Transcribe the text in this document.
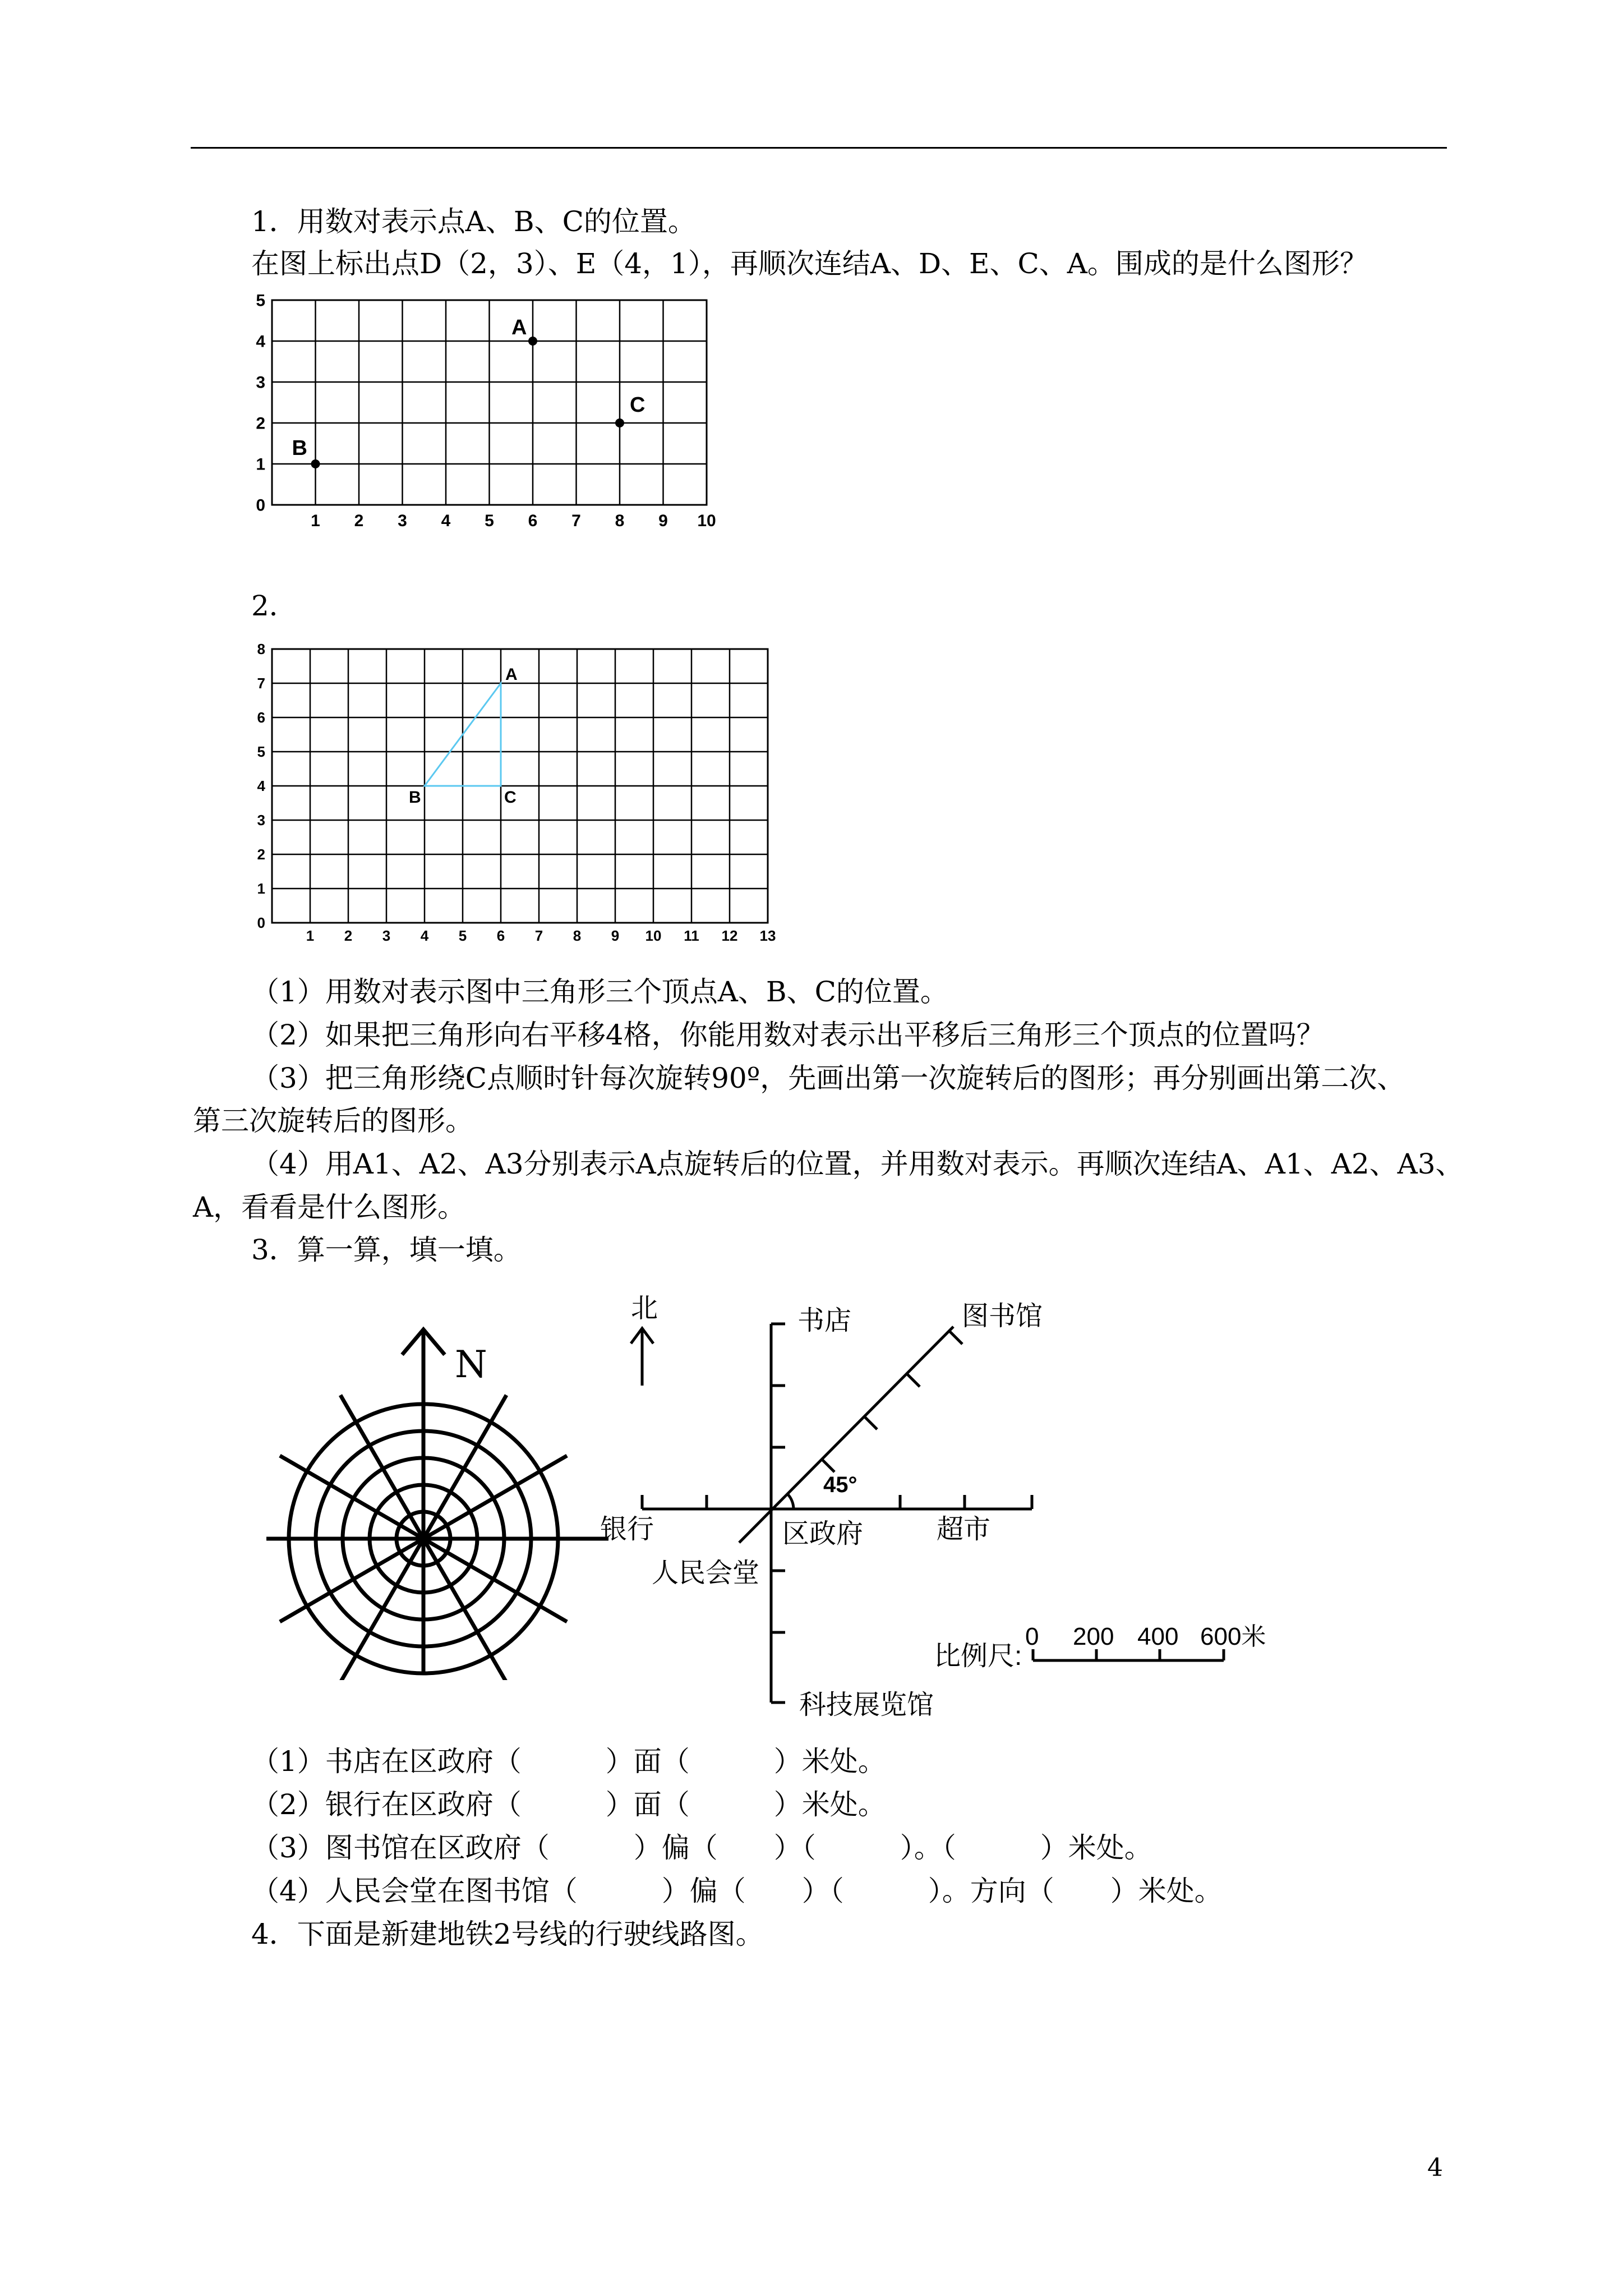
1．用数对表示点A、B、C的位置。
在图上标出点D（2，3）、E（4，1），再顺次连结A、D、E、C、A。围成的是什么图形？
1 2 3 4 5 6 7 8 9 10
0
1
2
3
4
5
A
B
C
2．
1 2 3 4 5 6 7 8 9 10 11 12 13
0
1
2
3
4
5
6
7
8
A
B	C
（1）用数对表示图中三角形三个顶点A、B、C的位置。
（2）如果把三角形向右平移4格，你能用数对表示出平移后三角形三个顶点的位置吗？
（3）把三角形绕C点顺时针每次旋转90º，先画出第一次旋转后的图形；再分别画出第二次、
第三次旋转后的图形。
（4）用A1、A2、A3分别表示A点旋转后的位置，并用数对表示。再顺次连结A、A1、A2、A3、
A，看看是什么图形。
3．算一算，填一填。
N
北	书店	图书馆
银行	区政府	超市
人民会堂
科技展览馆
比例尺:
45°
0 200 400 600米
（1）书店在区政府（　　　）面（　　　）米处。
（2）银行在区政府（　　　）面（　　　）米处。
（3）图书馆在区政府（　　　）偏（　　）（　　　）。（　　　）米处。
（4）人民会堂在图书馆（　　　）偏（　　）（　　　）。方向（　　）米处。
4．下面是新建地铁2号线的行驶线路图。
4
